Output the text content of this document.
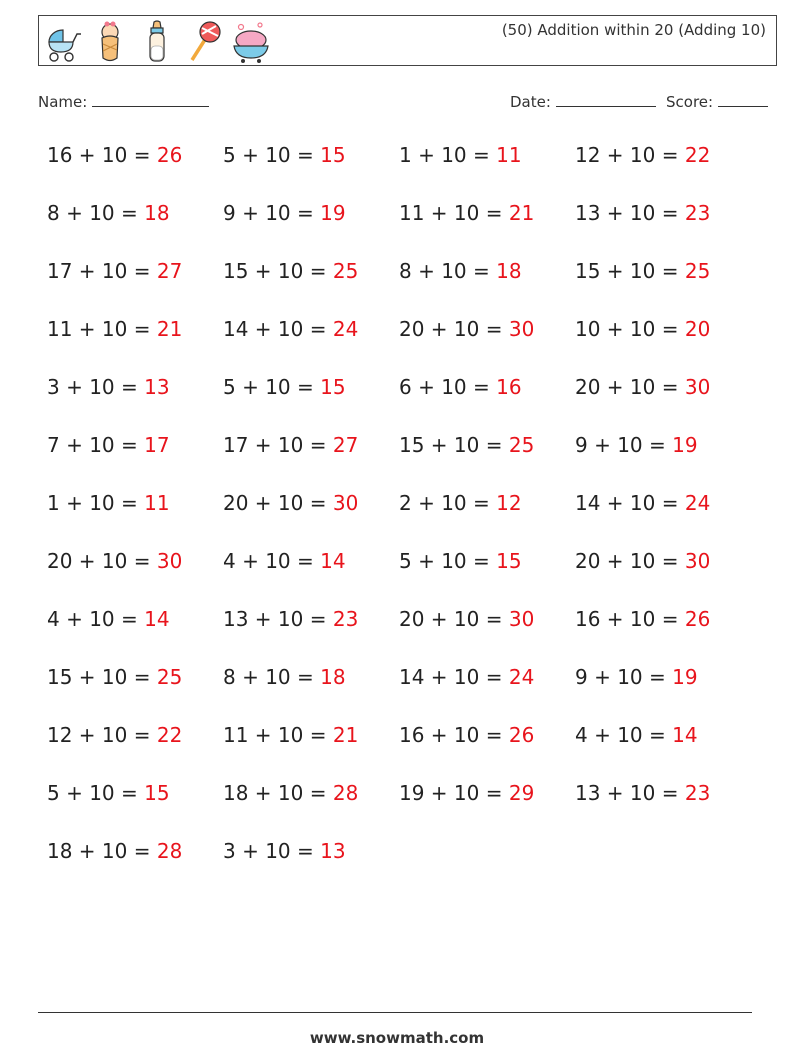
(50) Addition within 20 (Adding 10)
Name:	Date:	Score:
16 + 10 = 26
8 + 10 = 18
17 + 10 = 27
11 + 10 = 21
3 + 10 = 13
7 + 10 = 17
1 + 10 = 11
20 + 10 = 30
4 + 10 = 14
15 + 10 = 25
12 + 10 = 22
5 + 10 = 15
18 + 10 = 28
5 + 10 = 15
9 + 10 = 19
15 + 10 = 25
14 + 10 = 24
5 + 10 = 15
17 + 10 = 27
20 + 10 = 30
4 + 10 = 14
13 + 10 = 23
8 + 10 = 18
11 + 10 = 21
18 + 10 = 28
3 + 10 = 13
1 + 10 = 11
11 + 10 = 21
8 + 10 = 18
20 + 10 = 30
6 + 10 = 16
15 + 10 = 25
2 + 10 = 12
5 + 10 = 15
20 + 10 = 30
14 + 10 = 24
16 + 10 = 26
19 + 10 = 29
12 + 10 = 22
13 + 10 = 23
15 + 10 = 25
10 + 10 = 20
20 + 10 = 30
9 + 10 = 19
14 + 10 = 24
20 + 10 = 30
16 + 10 = 26
9 + 10 = 19
4 + 10 = 14
13 + 10 = 23
www.snowmath.com
